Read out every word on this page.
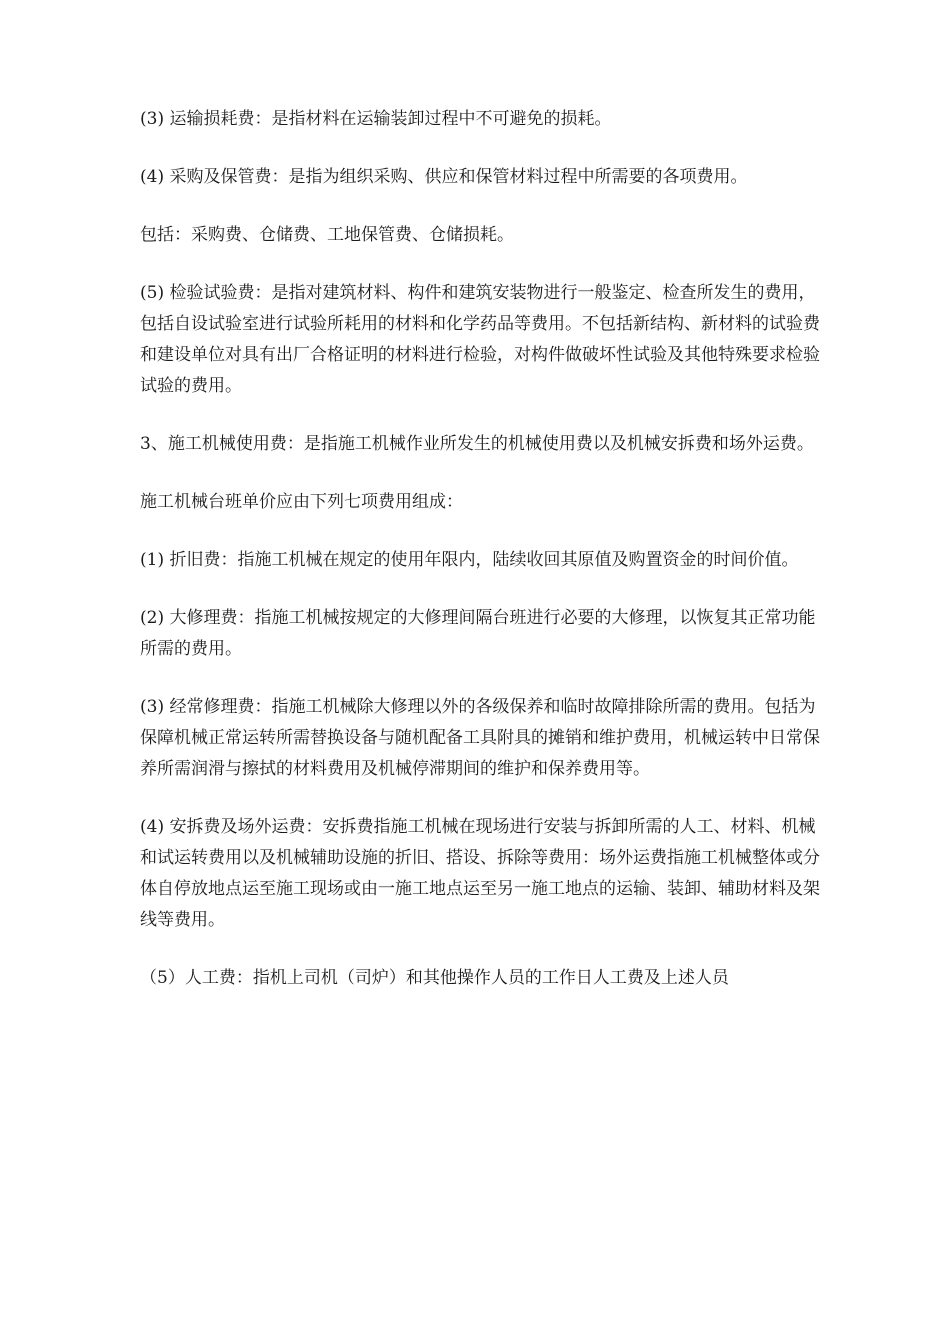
(3) 运输损耗费：是指材料在运输装卸过程中不可避免的损耗。

(4) 采购及保管费：是指为组织采购、供应和保管材料过程中所需要的各项费用。

包括：采购费、仓储费、工地保管费、仓储损耗。

(5) 检验试验费：是指对建筑材料、构件和建筑安装物进行一般鉴定、检查所发生的费用，包括自设试验室进行试验所耗用的材料和化学药品等费用。不包括新结构、新材料的试验费和建设单位对具有出厂合格证明的材料进行检验，对构件做破坏性试验及其他特殊要求检验试验的费用。

3、施工机械使用费：是指施工机械作业所发生的机械使用费以及机械安拆费和场外运费。

施工机械台班单价应由下列七项费用组成：

(1) 折旧费：指施工机械在规定的使用年限内，陆续收回其原值及购置资金的时间价值。

(2) 大修理费：指施工机械按规定的大修理间隔台班进行必要的大修理，以恢复其正常功能所需的费用。

(3) 经常修理费：指施工机械除大修理以外的各级保养和临时故障排除所需的费用。包括为保障机械正常运转所需替换设备与随机配备工具附具的摊销和维护费用，机械运转中日常保养所需润滑与擦拭的材料费用及机械停滞期间的维护和保养费用等。

(4) 安拆费及场外运费：安拆费指施工机械在现场进行安装与拆卸所需的人工、材料、机械和试运转费用以及机械辅助设施的折旧、搭设、拆除等费用：场外运费指施工机械整体或分体自停放地点运至施工现场或由一施工地点运至另一施工地点的运输、装卸、辅助材料及架线等费用。

（5）人工费：指机上司机（司炉）和其他操作人员的工作日人工费及上述人员
